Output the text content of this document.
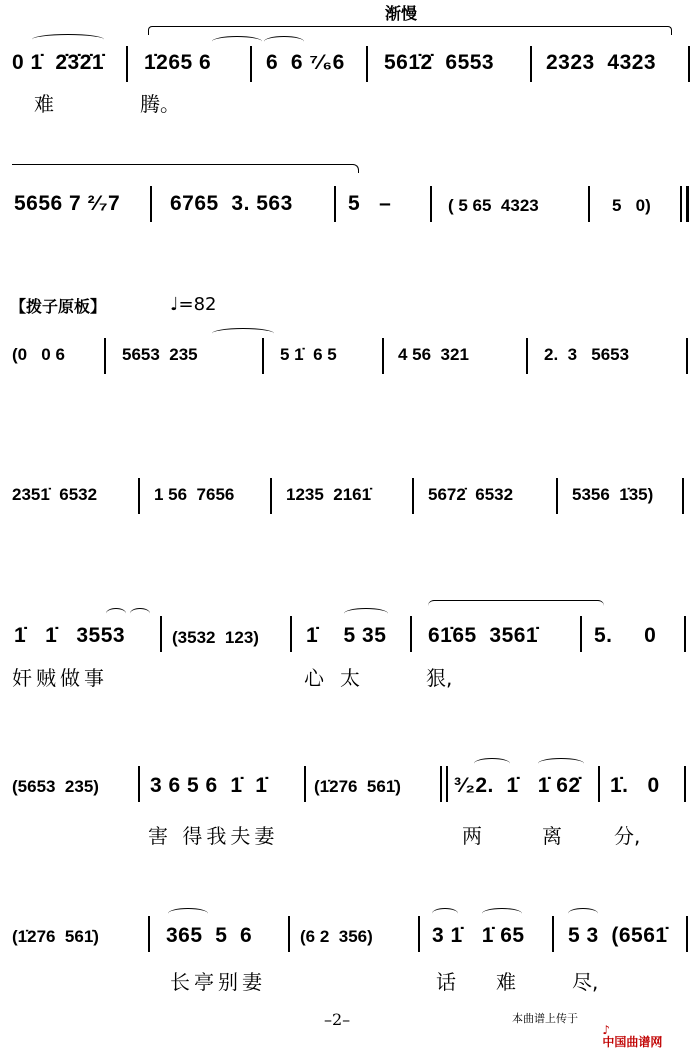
渐慢
0 1̇  2̇3̇2̇1̇ 1̇265 6	6  6 ⁷⁄₆6 561̇2̇  6553 2323  4323
难	腾。
5656 7 ²⁄₇7 6765  3. 563	5   –	( 5 65  4323	5   0)
【拨子原板】	♩=82
(0   0 6	5653  235	5 1̇  6 5	4 56  321	2.  3   5653
2351̇  6532	1 56  7656	1235  2161̇	5672̇  6532	5356  1̇35)
1̇   1̇   3553	(3532  123) 1̇    5 35 61̇65  3561̇	5.     0
奸贼做事	心太	狠,
(5653  235) 3 6 5 6  1̇  1̇	(1̇276  561̇)	³⁄₂2.  1̇   1̇ 62̇ 1̇.   0
害 得我夫妻	两	离	分,
(1̇276  561̇)	365  5  6	(6 2  356)	3 1̇   1̇ 65 5 3  (6561̇
长亭别妻	话 难	尽,
–2–	本曲谱上传于

♪
中国曲谱网
